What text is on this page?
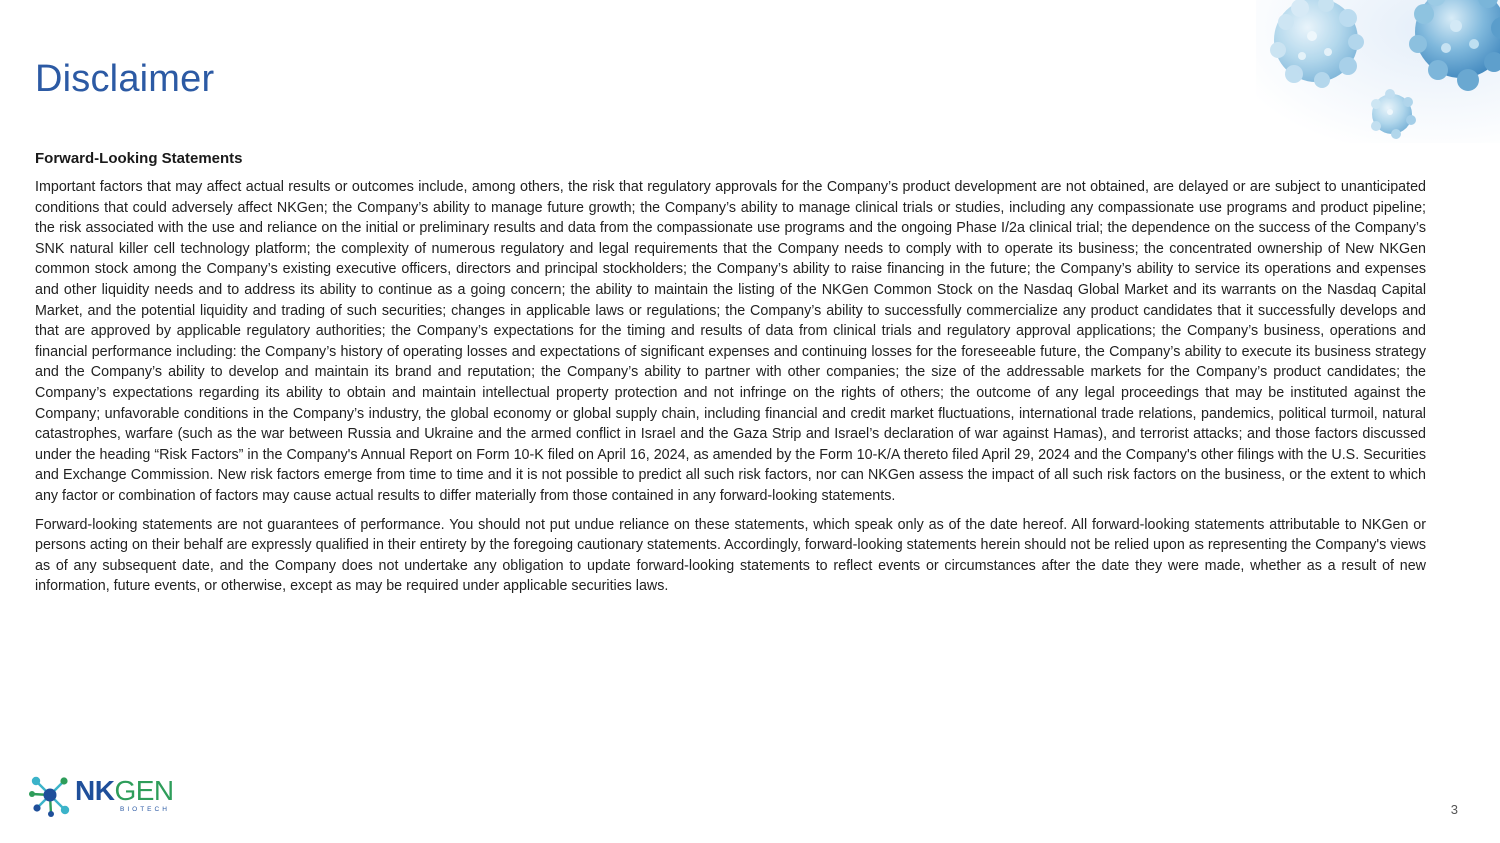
Disclaimer
Forward-Looking Statements

Important factors that may affect actual results or outcomes include, among others, the risk that regulatory approvals for the Company’s product development are not obtained, are delayed or are subject to unanticipated conditions that could adversely affect NKGen; the Company’s ability to manage future growth; the Company’s ability to manage clinical trials or studies, including any compassionate use programs and product pipeline; the risk associated with the use and reliance on the initial or preliminary results and data from the compassionate use programs and the ongoing Phase I/2a clinical trial; the dependence on the success of the Company’s SNK natural killer cell technology platform; the complexity of numerous regulatory and legal requirements that the Company needs to comply with to operate its business; the concentrated ownership of New NKGen common stock among the Company’s existing executive officers, directors and principal stockholders; the Company’s ability to raise financing in the future; the Company’s ability to service its operations and expenses and other liquidity needs and to address its ability to continue as a going concern; the ability to maintain the listing of the NKGen Common Stock on the Nasdaq Global Market and its warrants on the Nasdaq Capital Market, and the potential liquidity and trading of such securities; changes in applicable laws or regulations; the Company’s ability to successfully commercialize any product candidates that it successfully develops and that are approved by applicable regulatory authorities; the Company’s expectations for the timing and results of data from clinical trials and regulatory approval applications; the Company’s business, operations and financial performance including: the Company’s history of operating losses and expectations of significant expenses and continuing losses for the foreseeable future, the Company’s ability to execute its business strategy and the Company’s ability to develop and maintain its brand and reputation; the Company’s ability to partner with other companies; the size of the addressable markets for the Company’s product candidates; the Company’s expectations regarding its ability to obtain and maintain intellectual property protection and not infringe on the rights of others; the outcome of any legal proceedings that may be instituted against the Company; unfavorable conditions in the Company’s industry, the global economy or global supply chain, including financial and credit market fluctuations, international trade relations, pandemics, political turmoil, natural catastrophes, warfare (such as the war between Russia and Ukraine and the armed conflict in Israel and the Gaza Strip and Israel’s declaration of war against Hamas), and terrorist attacks; and those factors discussed under the heading “Risk Factors” in the Company's Annual Report on Form 10-K filed on April 16, 2024, as amended by the Form 10-K/A thereto filed April 29, 2024 and the Company's other filings with the U.S. Securities and Exchange Commission. New risk factors emerge from time to time and it is not possible to predict all such risk factors, nor can NKGen assess the impact of all such risk factors on the business, or the extent to which any factor or combination of factors may cause actual results to differ materially from those contained in any forward-looking statements.

Forward-looking statements are not guarantees of performance. You should not put undue reliance on these statements, which speak only as of the date hereof. All forward-looking statements attributable to NKGen or persons acting on their behalf are expressly qualified in their entirety by the foregoing cautionary statements. Accordingly, forward-looking statements herein should not be relied upon as representing the Company's views as of any subsequent date, and the Company does not undertake any obligation to update forward-looking statements to reflect events or circumstances after the date they were made, whether as a result of new information, future events, or otherwise, except as may be required under applicable securities laws.

NKGEN
BIOTECH	3
